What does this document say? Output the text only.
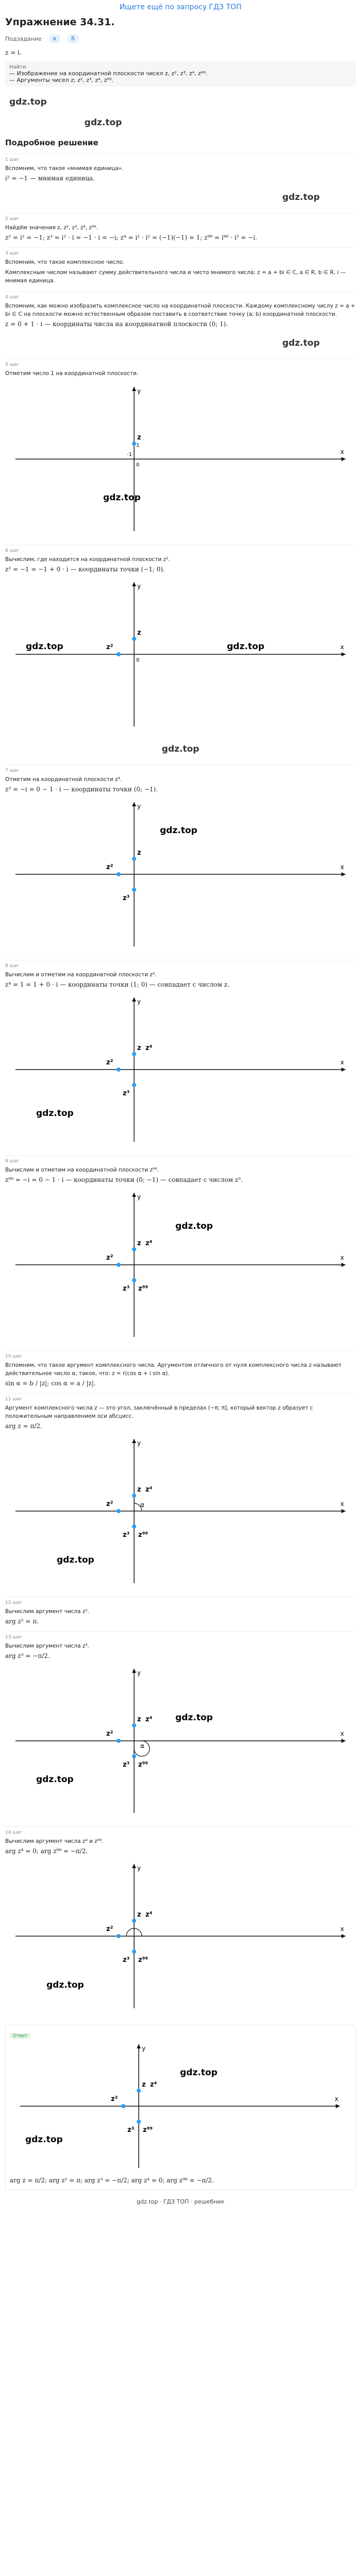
Ищете ещё по запросу ГДЗ ТОП
Упражнение 34.31.
Подзадание	а	б
z = i.
Найти
— Изображение на координатной плоскости чисел z, z², z³, z⁴, z⁹⁹.
— Аргументы чисел z; z², z³, z⁴, z⁹⁹.
gdz.top
gdz.top
Подробное решение
1 шаг

Вспомним, что такое «мнимая единица».

i² = −1 — мнимая единица.
gdz.top
2 шаг

Найдём значения z, z², z³, z⁴, z⁹⁹.

z² = i² = −1; z³ = i² · i = −1 · i = −i; z⁴ = i² · i² = (−1)(−1) = 1; z⁹⁹ = i⁹⁶ · i³ = −i.
3 шаг

Вспомним, что такое комплексное число.

Комплексным числом называют сумму действительного числа и чисто мнимого числа: z = a + bi ∈ C, a ∈ R, b ∈ R, i — мнимая единица.

4 шаг

Вспомним, как можно изобразить комплексное число на координатной плоскости. Каждому комплексному числу z = a + bi ∈ C на плоскости можно естественным образом поставить в соответствие точку (a; b) координатной плоскости.

z = 0 + 1 · i — координаты числа на координатной плоскости (0; 1).
gdz.top
5 шаг

Отметим число 1 на координатной плоскости.

x
y
-1
0
1
z
gdz.top
6 шаг

Вычислим, где находится на координатной плоскости z².

z² = −1 = −1 + 0 · i — координаты точки (−1; 0).
x
y
0
z
z²
gdz.top	gdz.top
gdz.top
7 шаг

Отметим на координатной плоскости z³.

z³ = −i = 0 − 1 · i — координаты точки (0; −1).
x
y
z
z²
z³
gdz.top
8 шаг

Вычислим и отметим на координатной плоскости z⁴.

z⁴ = 1 = 1 + 0 · i — координаты точки (1; 0) — совпадает с числом z.
x
y
z z⁴
z²
z³
gdz.top
9 шаг

Вычислим и отметим на координатной плоскости z⁹⁹.

z⁹⁹ = −i = 0 − 1 · i — координаты точки (0; −1) — совпадает с числом z³.
x
y
z z⁴
z²
z³ z⁹⁹
gdz.top
10 шаг

Вспомним, что такое аргумент комплексного числа. Аргументом отличного от нуля комплексного числа z называют действительное число α, такое, что: z = r(cos α + i sin α).

sin α = b / |z|; cos α = a / |z|.
11 шаг

Аргумент комплексного числа z — это угол, заключённый в пределах (−π; π], который вектор z образует с положительным направлением оси абсцисс.

arg z = π/2.
x
y
α
z z⁴
z²
z³ z⁹⁹
gdz.top
12 шаг

Вычислим аргумент числа z².

arg z² = π.
13 шаг

Вычислим аргумент числа z³.

arg z³ = −π/2.
x
y
α
z z⁴
z²
z³ z⁹⁹
gdz.top
gdz.top
14 шаг

Вычислим аргумент числа z⁴ и z⁹⁹.

arg z⁴ = 0; arg z⁹⁹ = −π/2.
x
y
z z⁴
z²
z³ z⁹⁹
gdz.top
Ответ
x
y
z z⁴
z²
z³ z⁹⁹
gdz.top
gdz.top
arg z = π/2; arg z² = π; arg z³ = −π/2; arg z⁴ = 0; arg z⁹⁹ = −π/2.
gdz.top · ГДЗ ТОП · решебник
